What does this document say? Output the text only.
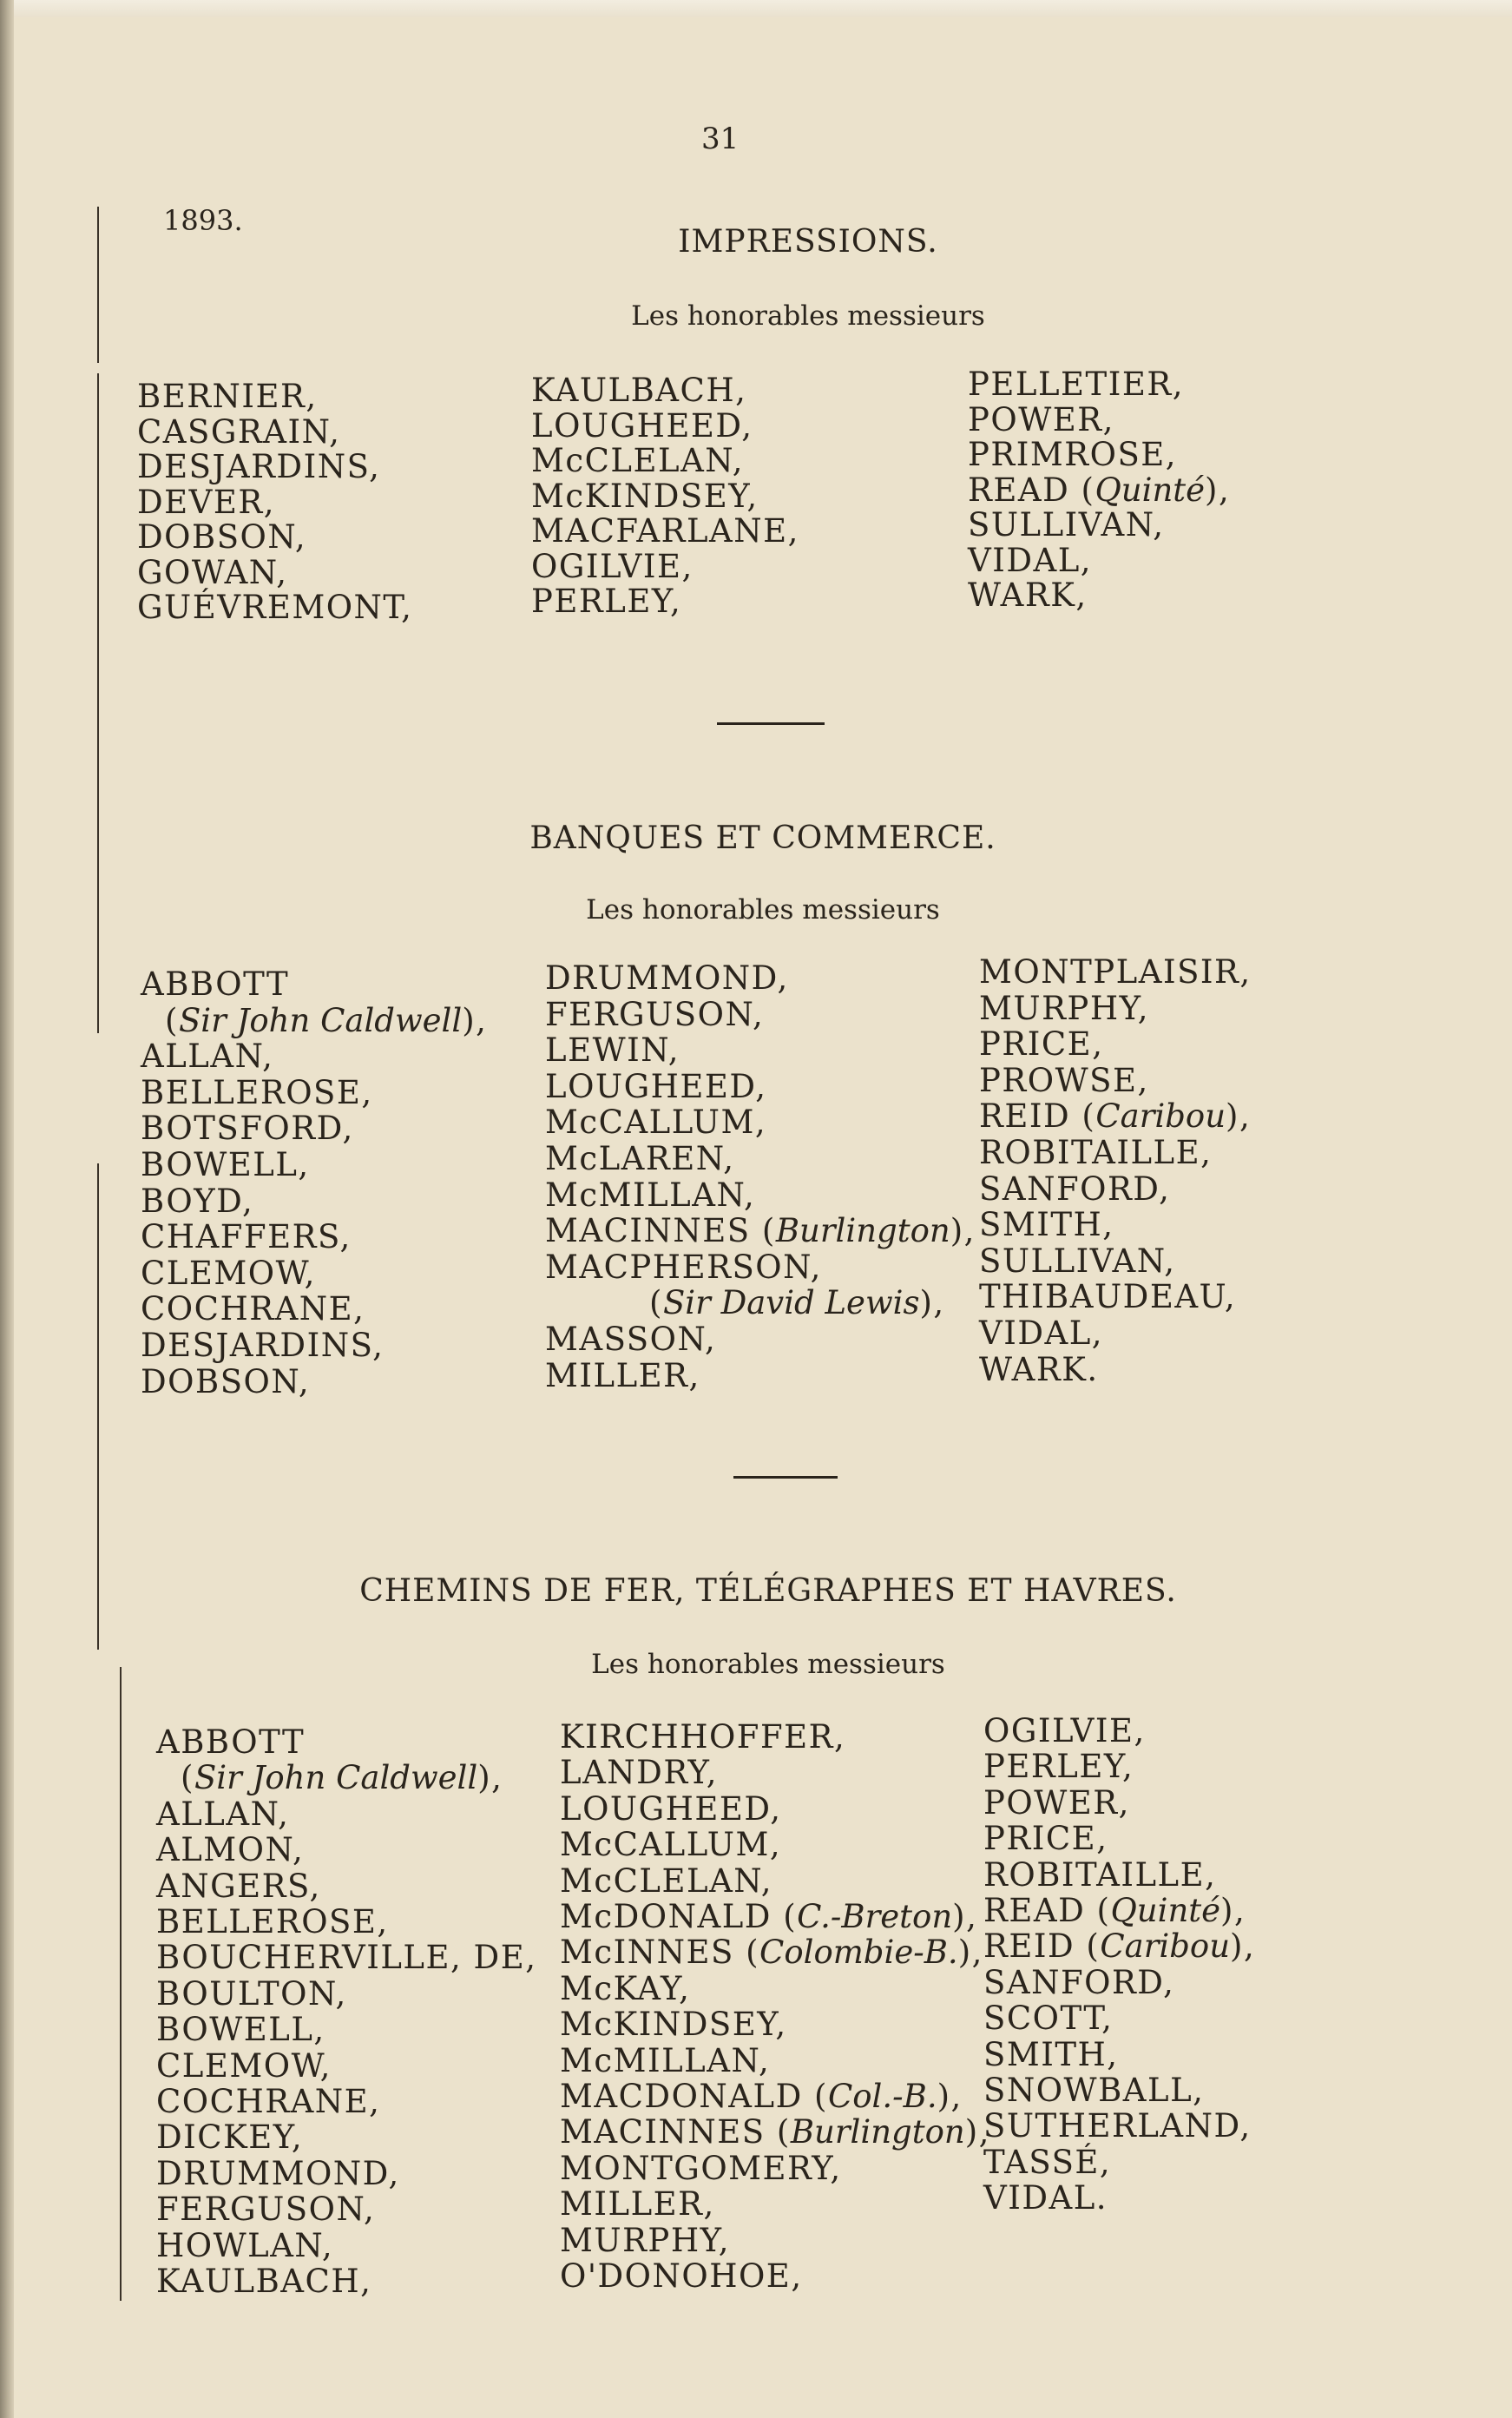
31
1893.
IMPRESSIONS.
Les honorables messieurs
BERNIER,
CASGRAIN,
DESJARDINS,
DEVER,
DOBSON,
GOWAN,
GUÉVREMONT,
KAULBACH,
LOUGHEED,
McCLELAN,
McKINDSEY,
MACFARLANE,
OGILVIE,
PERLEY,
PELLETIER,
POWER,
PRIMROSE,
READ (Quinté),
SULLIVAN,
VIDAL,
WARK,
BANQUES ET COMMERCE.
Les honorables messieurs
ABBOTT
(Sir John Caldwell),
ALLAN,
BELLEROSE,
BOTSFORD,
BOWELL,
BOYD,
CHAFFERS,
CLEMOW,
COCHRANE,
DESJARDINS,
DOBSON,
DRUMMOND,
FERGUSON,
LEWIN,
LOUGHEED,
McCALLUM,
McLAREN,
McMILLAN,
MACINNES (Burlington),
MACPHERSON,
(Sir David Lewis),
MASSON,
MILLER,
MONTPLAISIR,
MURPHY,
PRICE,
PROWSE,
REID (Caribou),
ROBITAILLE,
SANFORD,
SMITH,
SULLIVAN,
THIBAUDEAU,
VIDAL,
WARK.
CHEMINS DE FER, TÉLÉGRAPHES ET HAVRES.
Les honorables messieurs
ABBOTT
(Sir John Caldwell),
ALLAN,
ALMON,
ANGERS,
BELLEROSE,
BOUCHERVILLE, DE,
BOULTON,
BOWELL,
CLEMOW,
COCHRANE,
DICKEY,
DRUMMOND,
FERGUSON,
HOWLAN,
KAULBACH,
KIRCHHOFFER,
LANDRY,
LOUGHEED,
McCALLUM,
McCLELAN,
McDONALD (C.-Breton),
McINNES (Colombie-B.),
McKAY,
McKINDSEY,
McMILLAN,
MACDONALD (Col.-B.),
MACINNES (Burlington),
MONTGOMERY,
MILLER,
MURPHY,
O'DONOHOE,
OGILVIE,
PERLEY,
POWER,
PRICE,
ROBITAILLE,
READ (Quinté),
REID (Caribou),
SANFORD,
SCOTT,
SMITH,
SNOWBALL,
SUTHERLAND,
TASSÉ,
VIDAL.
